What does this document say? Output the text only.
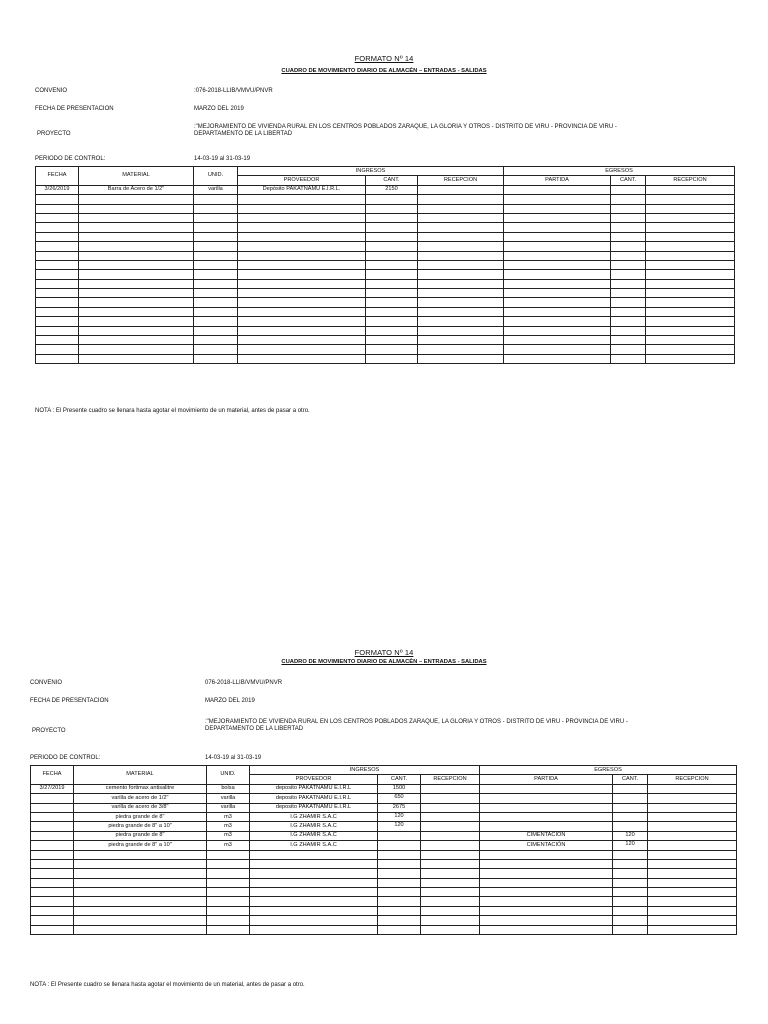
FORMATO Nº 14
CUADRO DE MOVIMIENTO DIARIO DE ALMACÉN – ENTRADAS - SALIDAS
CONVENIO	:076-2018-LLIB/VMVU/PNVR
FECHA DE PRESENTACION	MARZO DEL 2019
PROYECTO
:"MEJORAMIENTO DE VIVIENDA RURAL EN LOS CENTROS POBLADOS ZARAQUE, LA GLORIA Y OTROS - DISTRITO DE VIRU - PROVINCIA DE VIRU -
DEPARTAMENTO DE LA LIBERTAD
PERIODO DE CONTROL:	14-03-19 al 31-03-19
FECHA	MATERIAL	UNID.	INGRESOS			EGRESOS		
			PROVEEDOR	CANT.	RECEPCION	PARTIDA	CANT.	RECEPCION
3/26/2019	Barra de Acero de 1/2"	varilla	Depósito PAKATNAMU E.I.R.L.	2150				

NOTA : El Presente cuadro se llenara hasta agotar el movimiento de un material, antes de pasar a otro.
FORMATO Nº 14
CUADRO DE MOVIMIENTO DIARIO DE ALMACÉN – ENTRADAS - SALIDAS
CONVENIO	076-2018-LLIB/VMVU/PNVR
FECHA DE PRESENTACION	MARZO DEL 2019
PROYECTO
:"MEJORAMIENTO DE VIVIENDA RURAL EN LOS CENTROS POBLADOS ZARAQUE, LA GLORIA Y OTROS - DISTRITO DE VIRU - PROVINCIA DE VIRU -
DEPARTAMENTO DE LA LIBERTAD
PERIODO DE CONTROL:	14-03-19 al 31-03-19
FECHA	MATERIAL	UNID.	INGRESOS			EGRESOS		
			PROVEEDOR	CANT.	RECEPCION	PARTIDA	CANT.	RECEPCION
3/27/2019	cemento fortimax antisalitre	bolsa	deposito PAKATNAMU E.I.R.L	1500				
	varilla de acero de 1/2"	varilla	deposito PAKATNAMU E.I.R.L	650				
	varilla de acero de 3/8"	varilla	deposito PAKATNAMU E.I.R.L	2675				
	piedra grande de 8"	m3	I.G ZHAMIR S.A.C	120				
	piedra grande de 8" a 10"	m3	I.G ZHAMIR S.A.C	120				
	piedra grande de 8"	m3	I.G ZHAMIR S.A.C			CIMENTACIÓN	120	
	piedra grande de 8" a 10"	m3	I.G ZHAMIR S.A.C			CIMENTACIÓN	120	

NOTA : El Presente cuadro se llenara hasta agotar el movimiento de un material, antes de pasar a otro.
